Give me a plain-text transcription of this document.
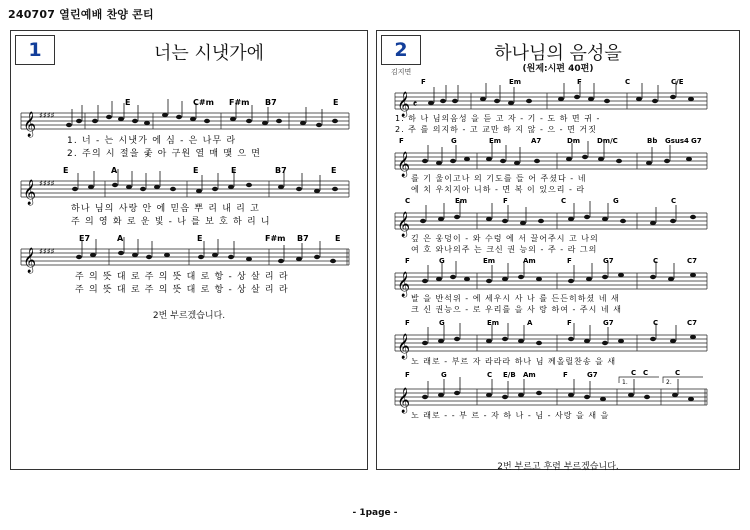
240707 열린예배 찬양 콘티
1	너는 시냇가에
𝄞 ♯♯♯♯
E	C#m F#m B7	E
1. 너 - 는 시냇가 에 심 - 은 나무 라
2. 주의 시 절을 좇 아 구원 열 매 맺 으 면
𝄞 ♯♯♯♯
E	A	E	E	B7	E
하나 님의 사랑 안 에 믿음 뿌 리 내 리 고
주 의 영 화 로 운 빛 - 나 를 보 호 하 리 니
𝄞 ♯♯♯♯
E7	A	E	F#m B7	E
주 의 뜻 대 로 주 의 뜻 대 로 항 - 상 살 리 라
주 의 뜻 대 로 주 의 뜻 대 로 항 - 상 살 리 라
2번 부르겠습니다.
2	하나님의 음성을
(원제:시편 40편)
김지면
𝄞 𝄴
F	Em	F	C	C/E
1. 하 나 님의음성 을 듣 고 자 - 기 - 도 하 면 귀 -
2. 주 를 의지하 - 고 교만 하 지 않 - 으 - 면 거짓
𝄞
F	G	Em	A7	Dm Dm/C	Bb Gsus4 G7
를 기 울이고나 의 기도를 들 어 주셨다 - 네
에 치 우치지아 니하 - 면 복 이 있으리 - 라
𝄞
C	Em	F	C	G	C
깊 은 웅덩이 - 와 수렁 에 서 끌어주시 고 나의
여 호 와나의주 는 크신 권 능의 - 주 - 라 그의
𝄞
F	G	Em	Am	F	G7	C	C7
발 을 반석위 - 에 세우시 사 나 를 든든히하셨 네 새
크 신 권능으 - 로 우리를 을 사 랑 하여 - 주시 네 새
𝄞
F	G	Em	A	F	G7	C	C7
노 래로 - 부르 자 라라라 하나 님 께올릴찬송 을 새
1.	2.
𝄞
F	G	C E/B Am	F	G7	C C	C
노 래로 - - 부 르 - 자 하 나 - 님 - 사랑 을 새 을
2번 부르고 후렴 부르겠습니다.
- 1page -
